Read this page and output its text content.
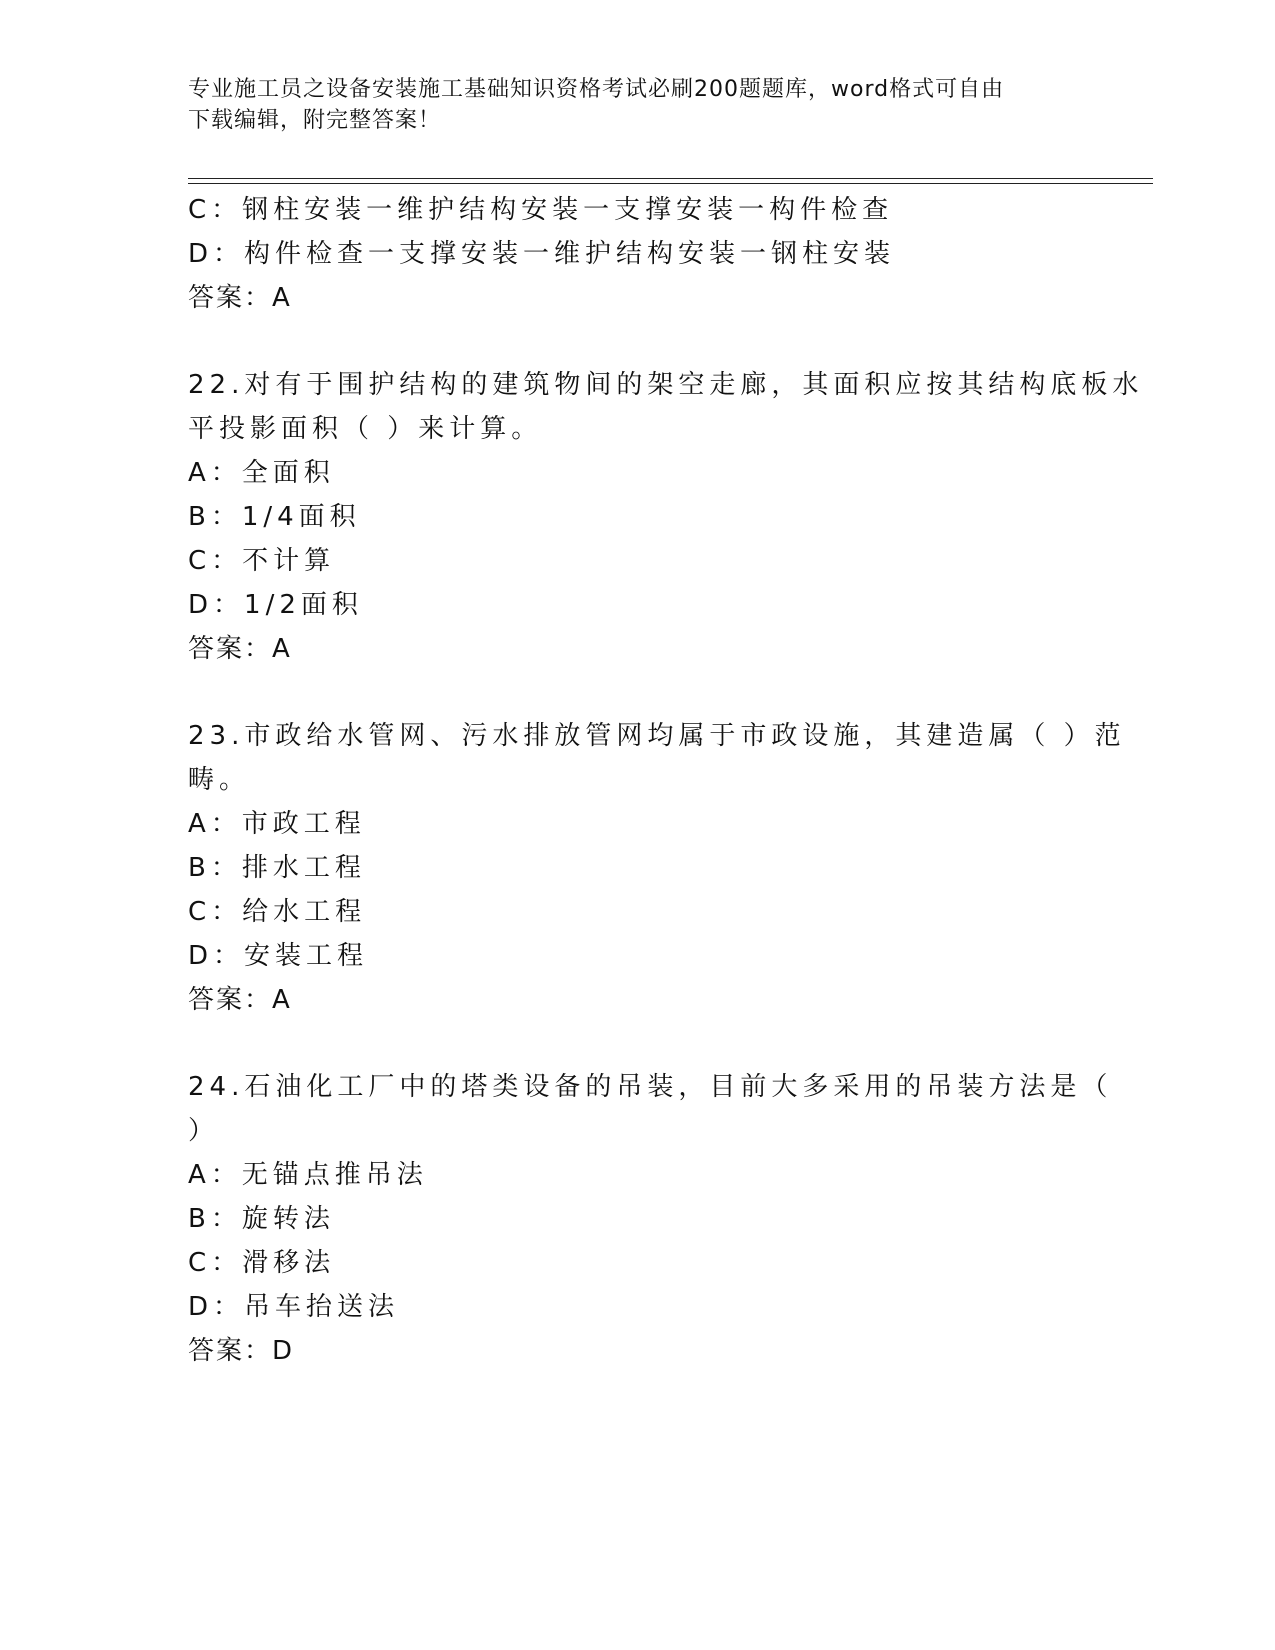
专业施工员之设备安装施工基础知识资格考试必刷200题题库，word格式可自由
下载编辑，附完整答案！
C：钢柱安装一维护结构安装一支撑安装一构件检查
D：构件检查一支撑安装一维护结构安装一钢柱安装
答案：A
22.对有于围护结构的建筑物间的架空走廊，其面积应按其结构底板水
平投影面积（ ）来计算。
A：全面积
B：1/4面积
C：不计算
D：1/2面积
答案：A
23.市政给水管网、污水排放管网均属于市政设施，其建造属（ ）范
畴。
A：市政工程
B：排水工程
C：给水工程
D：安装工程
答案：A
24.石油化工厂中的塔类设备的吊装，目前大多采用的吊装方法是（
）
A：无锚点推吊法
B：旋转法
C：滑移法
D：吊车抬送法
答案：D
